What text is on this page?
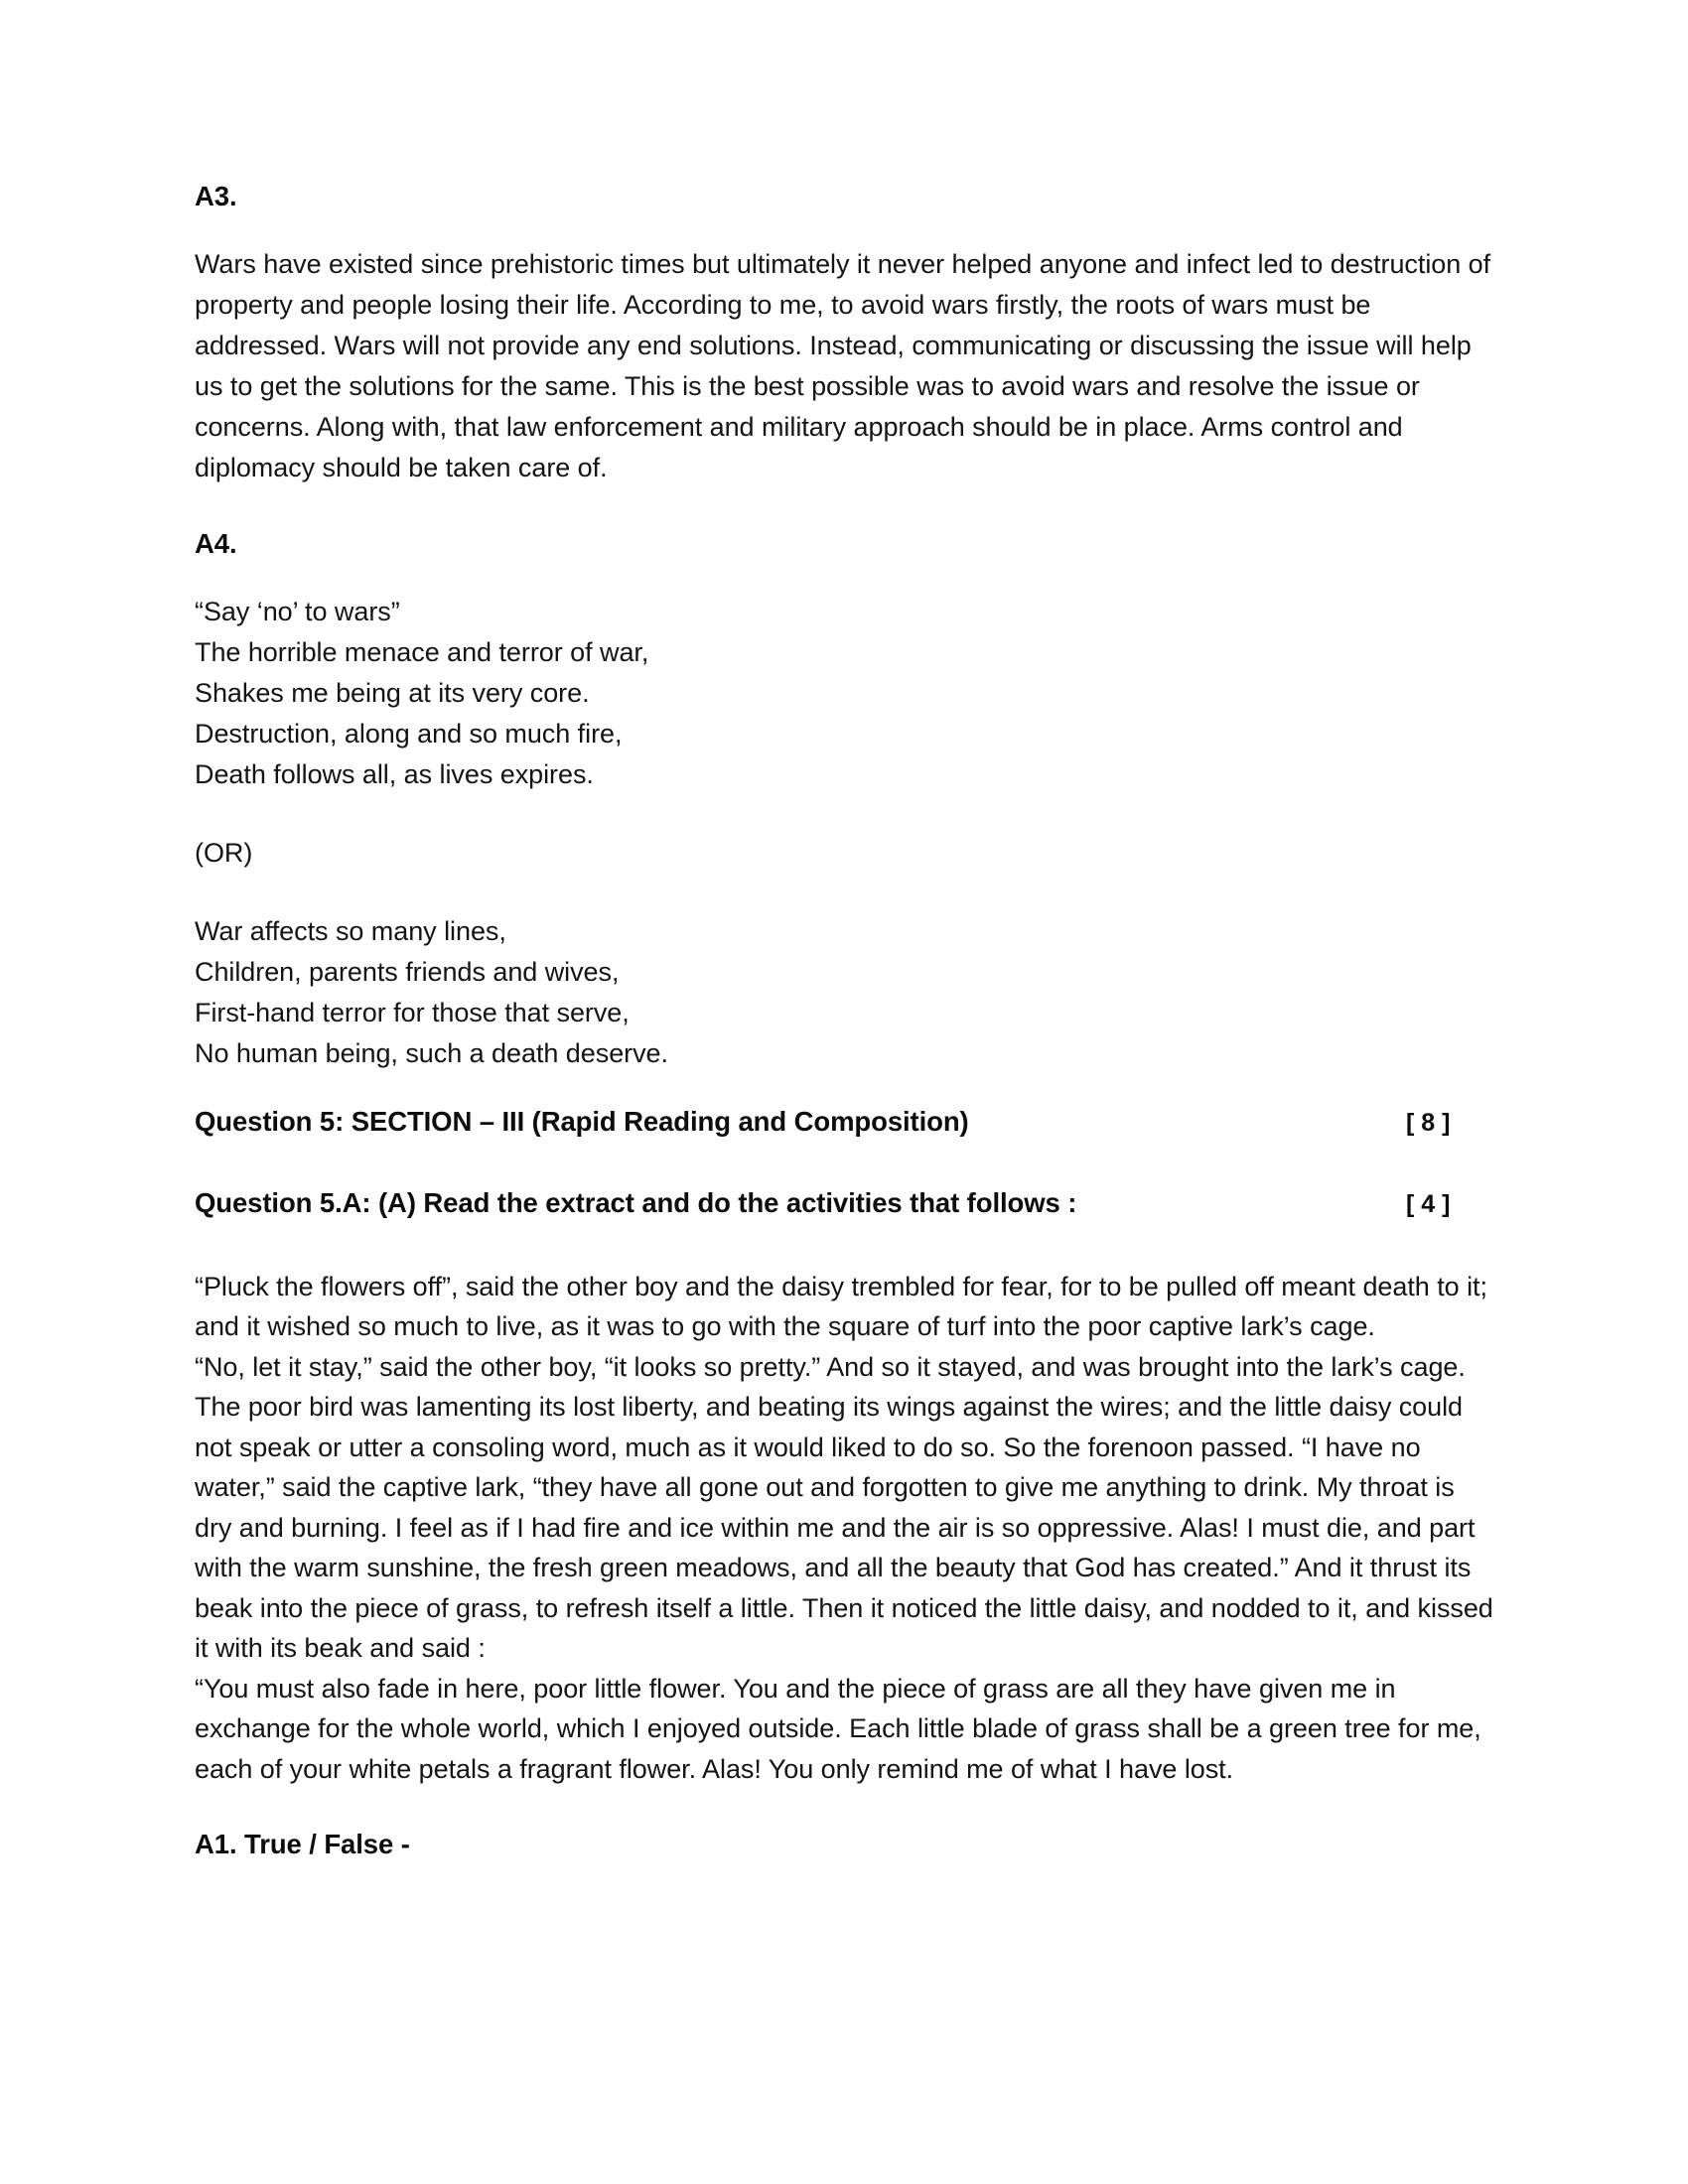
A3.

Wars have existed since prehistoric times but ultimately it never helped anyone and infect led to destruction of property and people losing their life. According to me, to avoid wars firstly, the roots of wars must be addressed. Wars will not provide any end solutions. Instead, communicating or discussing the issue will help us to get the solutions for the same. This is the best possible was to avoid wars and resolve the issue or concerns. Along with, that law enforcement and military approach should be in place. Arms control and diplomacy should be taken care of.

A4.
“Say ‘no’ to wars”
The horrible menace and terror of war,
Shakes me being at its very core.
Destruction, along and so much fire,
Death follows all, as lives expires.
(OR)
War affects so many lines,
Children, parents friends and wives,
First-hand terror for those that serve,
No human being, such a death deserve.
Question 5: SECTION – III (Rapid Reading and Composition)	[ 8 ]
Question 5.A: (A) Read the extract and do the activities that follows :	[ 4 ]

“Pluck the flowers off”, said the other boy and the daisy trembled for fear, for to be pulled off meant death to it; and it wished so much to live, as it was to go with the square of turf into the poor captive lark’s cage.

“No, let it stay,” said the other boy, “it looks so pretty.” And so it stayed, and was brought into the lark’s cage. The poor bird was lamenting its lost liberty, and beating its wings against the wires; and the little daisy could not speak or utter a consoling word, much as it would liked to do so. So the forenoon passed. “I have no water,” said the captive lark, “they have all gone out and forgotten to give me anything to drink. My throat is dry and burning. I feel as if I had fire and ice within me and the air is so oppressive. Alas! I must die, and part with the warm sunshine, the fresh green meadows, and all the beauty that God has created.” And it thrust its beak into the piece of grass, to refresh itself a little. Then it noticed the little daisy, and nodded to it, and kissed it with its beak and said :

“You must also fade in here, poor little flower. You and the piece of grass are all they have given me in exchange for the whole world, which I enjoyed outside. Each little blade of grass shall be a green tree for me, each of your white petals a fragrant flower. Alas! You only remind me of what I have lost.

A1. True / False -
